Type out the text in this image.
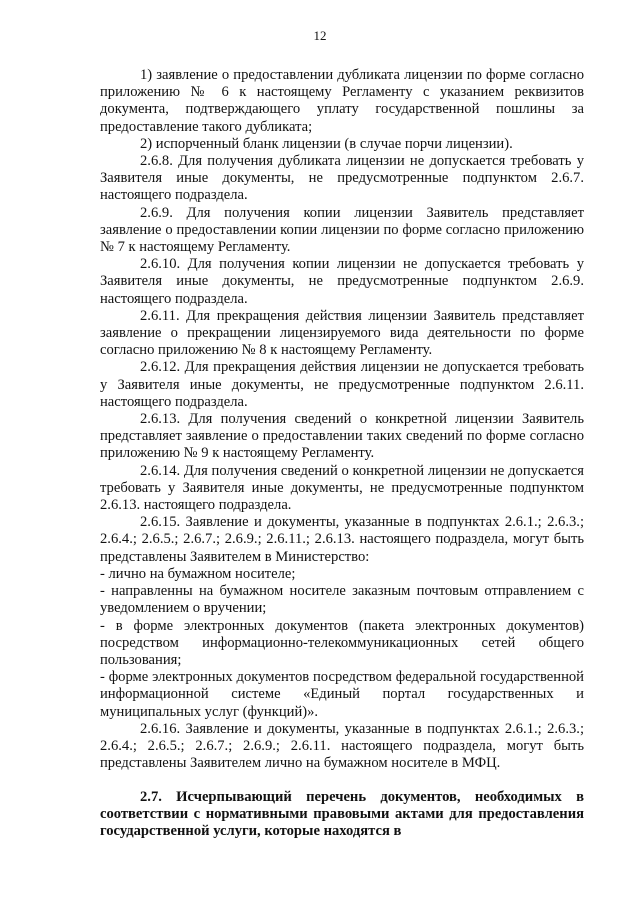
12

1) заявление о предоставлении дубликата лицензии по форме согласно приложению № 6 к настоящему Регламенту с указанием реквизитов документа, подтверждающего уплату государственной пошлины за предоставление такого дубликата;

2) испорченный бланк лицензии (в случае порчи лицензии).

2.6.8. Для получения дубликата лицензии не допускается требовать у Заявителя иные документы, не предусмотренные подпунктом 2.6.7. настоящего подраздела.

2.6.9. Для получения копии лицензии Заявитель представляет заявление о предоставлении копии лицензии по форме согласно приложению № 7 к настоящему Регламенту.

2.6.10. Для получения копии лицензии не допускается требовать у Заявителя иные документы, не предусмотренные подпунктом 2.6.9. настоящего подраздела.

2.6.11. Для прекращения действия лицензии Заявитель представляет заявление о прекращении лицензируемого вида деятельности по форме согласно приложению № 8 к настоящему Регламенту.

2.6.12. Для прекращения действия лицензии не допускается требовать у Заявителя иные документы, не предусмотренные подпунктом 2.6.11. настоящего подраздела.

2.6.13. Для получения сведений о конкретной лицензии Заявитель представляет заявление о предоставлении таких сведений по форме согласно приложению № 9 к настоящему Регламенту.

2.6.14. Для получения сведений о конкретной лицензии не допускается требовать у Заявителя иные документы, не предусмотренные подпунктом 2.6.13. настоящего подраздела.

2.6.15. Заявление и документы, указанные в подпунктах 2.6.1.; 2.6.3.; 2.6.4.; 2.6.5.; 2.6.7.; 2.6.9.; 2.6.11.; 2.6.13. настоящего подраздела, могут быть представлены Заявителем в Министерство:

- лично на бумажном носителе;

- направленны на бумажном носителе заказным почтовым отправлением с уведомлением о вручении;

- в форме электронных документов (пакета электронных документов) посредством информационно-телекоммуникационных сетей общего пользования;

- форме электронных документов посредством федеральной государственной информационной системе «Единый портал государственных и муниципальных услуг (функций)».

2.6.16. Заявление и документы, указанные в подпунктах 2.6.1.; 2.6.3.; 2.6.4.; 2.6.5.; 2.6.7.; 2.6.9.; 2.6.11. настоящего подраздела, могут быть представлены Заявителем лично на бумажном носителе в МФЦ.

2.7. Исчерпывающий перечень документов, необходимых в соответствии с нормативными правовыми актами для предоставления государственной услуги, которые находятся в
